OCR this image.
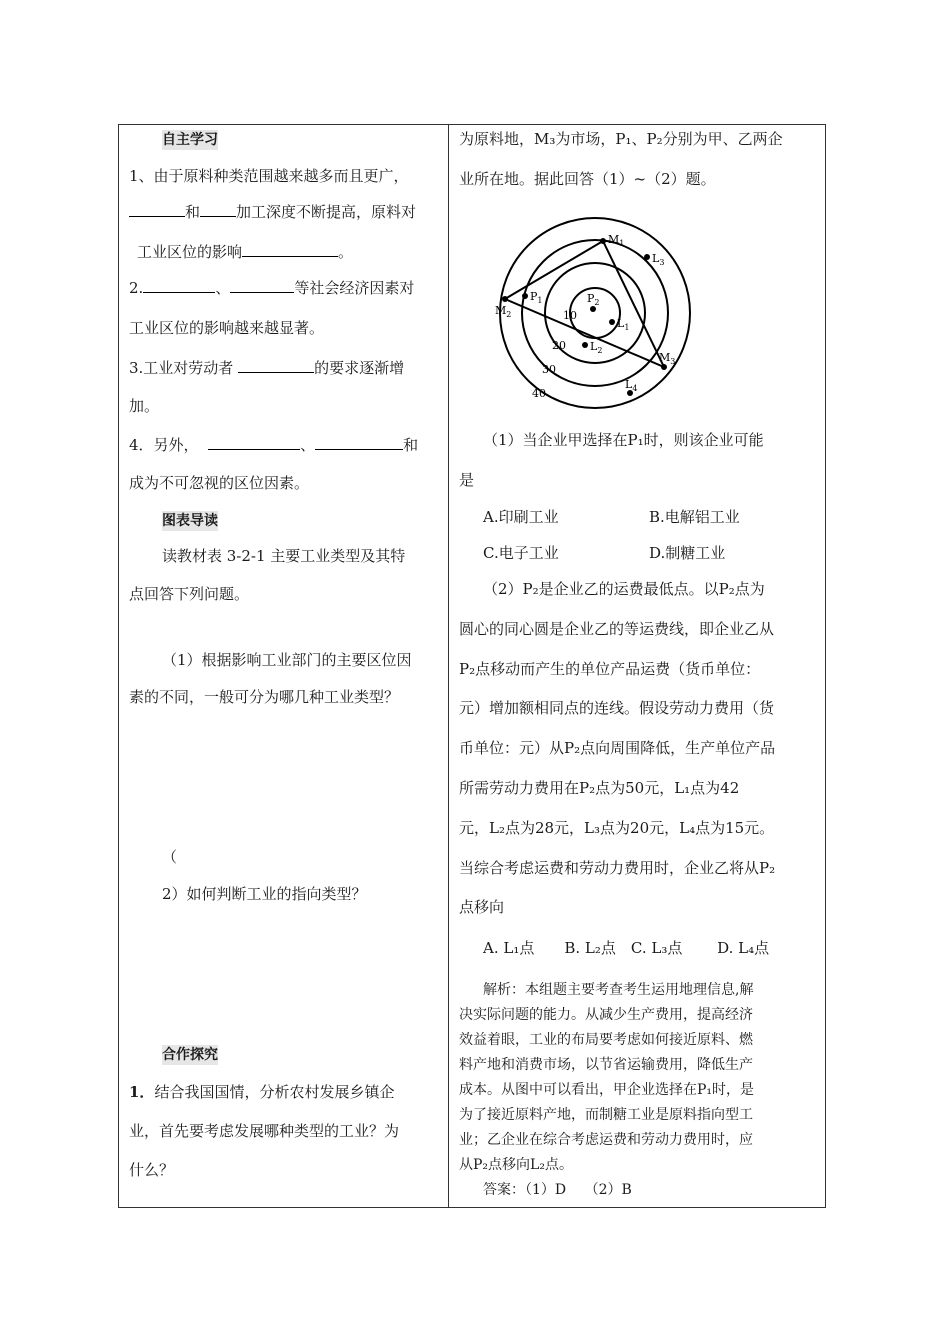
自主学习
1、由于原料种类范围越来越多而且更广，
和 加工深度不断提高，原料对
工业区位的影响	。
2.	、	等社会经济因素对
工业区位的影响越来越显著。
3.工业对劳动者	的要求逐渐增
加。
4．另外，	、	和
成为不可忽视的区位因素。
图表导读
读教材表 3-2-1 主要工业类型及其特
点回答下列问题。
（1）根据影响工业部门的主要区位因
素的不同，一般可分为哪几种工业类型？
（
2）如何判断工业的指向类型？
合作探究
1．结合我国国情，分析农村发展乡镇企
业，首先要考虑发展哪种类型的工业？为
什么？
为原料地，M₃为市场，P₁、P₂分别为甲、乙两企
业所在地。据此回答（1）~（2）题。
$M_1$
$M_2$
$M_3$
$P_1$	$P_2$
$L_1$
$L_2$
$L_3$
$L_4$
10
20
30
40
（1）当企业甲选择在P₁时，则该企业可能
是
A.印刷工业	B.电解铝工业
C.电子工业	D.制糖工业
（2）P₂是企业乙的运费最低点。以P₂点为
圆心的同心圆是企业乙的等运费线，即企业乙从
P₂点移动而产生的单位产品运费（货币单位：
元）增加额相同点的连线。假设劳动力费用（货
币单位：元）从P₂点向周围降低，生产单位产品
所需劳动力费用在P₂点为50元，L₁点为42
元，L₂点为28元，L₃点为20元，L₄点为15元。
当综合考虑运费和劳动力费用时，企业乙将从P₂
点移向
A. L₁点　　B. L₂点　C. L₃点　　 D. L₄点
解析：本组题主要考查考生运用地理信息,解
决实际问题的能力。从减少生产费用，提高经济
效益着眼，工业的布局要考虑如何接近原料、燃
料产地和消费市场，以节省运输费用，降低生产
成本。从图中可以看出，甲企业选择在P₁时，是
为了接近原料产地，而制糖工业是原料指向型工
业；乙企业在综合考虑运费和劳动力费用时，应
从P₂点移向L₂点。
答案：（1）D　 （2）B
